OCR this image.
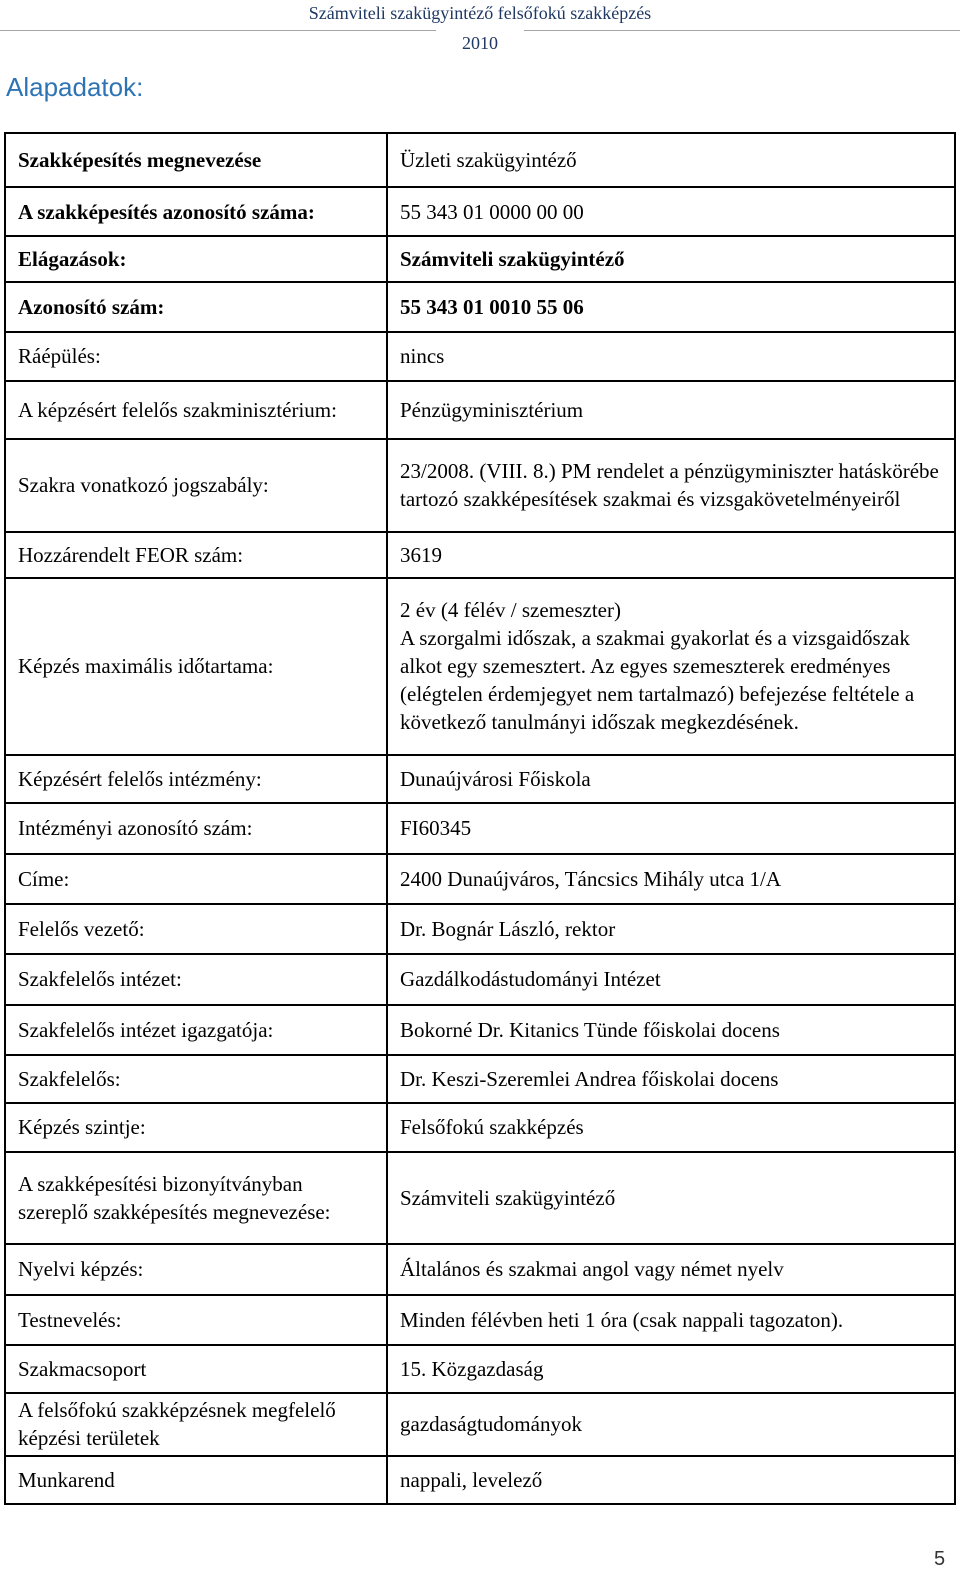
Számviteli szakügyintéző felsőfokú szakképzés
2010
Alapadatok:
Szakképesítés megnevezése	Üzleti szakügyintéző
A szakképesítés azonosító száma:	55 343 01 0000 00 00
Elágazások:	Számviteli szakügyintéző
Azonosító szám:	55 343 01 0010 55 06
Ráépülés:	nincs
A képzésért felelős szakminisztérium:	Pénzügyminisztérium
Szakra vonatkozó jogszabály:	23/2008. (VIII. 8.) PM rendelet a pénzügyminiszter hatáskörébe tartozó szakképesítések szakmai és vizsgakövetelményeiről
Hozzárendelt FEOR szám:	3619
Képzés maximális időtartama:	2 év (4 félév / szemeszter)
A szorgalmi időszak, a szakmai gyakorlat és a vizsgaidőszak alkot egy szemesztert. Az egyes szemeszterek eredményes (elégtelen érdemjegyet nem tartalmazó) befejezése feltétele a következő tanulmányi időszak megkezdésének.

Képzésért felelős intézmény:	Dunaújvárosi Főiskola
Intézményi azonosító szám:	FI60345
Címe:	2400 Dunaújváros, Táncsics Mihály utca 1/A
Felelős vezető:	Dr. Bognár László, rektor
Szakfelelős intézet:	Gazdálkodástudományi Intézet
Szakfelelős intézet igazgatója:	Bokorné Dr. Kitanics Tünde főiskolai docens
Szakfelelős:	Dr. Keszi-Szeremlei Andrea főiskolai docens
Képzés szintje:	Felsőfokú szakképzés
A szakképesítési bizonyítványban szereplő szakképesítés megnevezése:	Számviteli szakügyintéző
Nyelvi képzés:	Általános és szakmai angol vagy német nyelv
Testnevelés:	Minden félévben heti 1 óra (csak nappali tagozaton).
Szakmacsoport	15. Közgazdaság
A felsőfokú szakképzésnek megfelelő képzési területek	gazdaságtudományok
Munkarend	nappali, levelező
5
